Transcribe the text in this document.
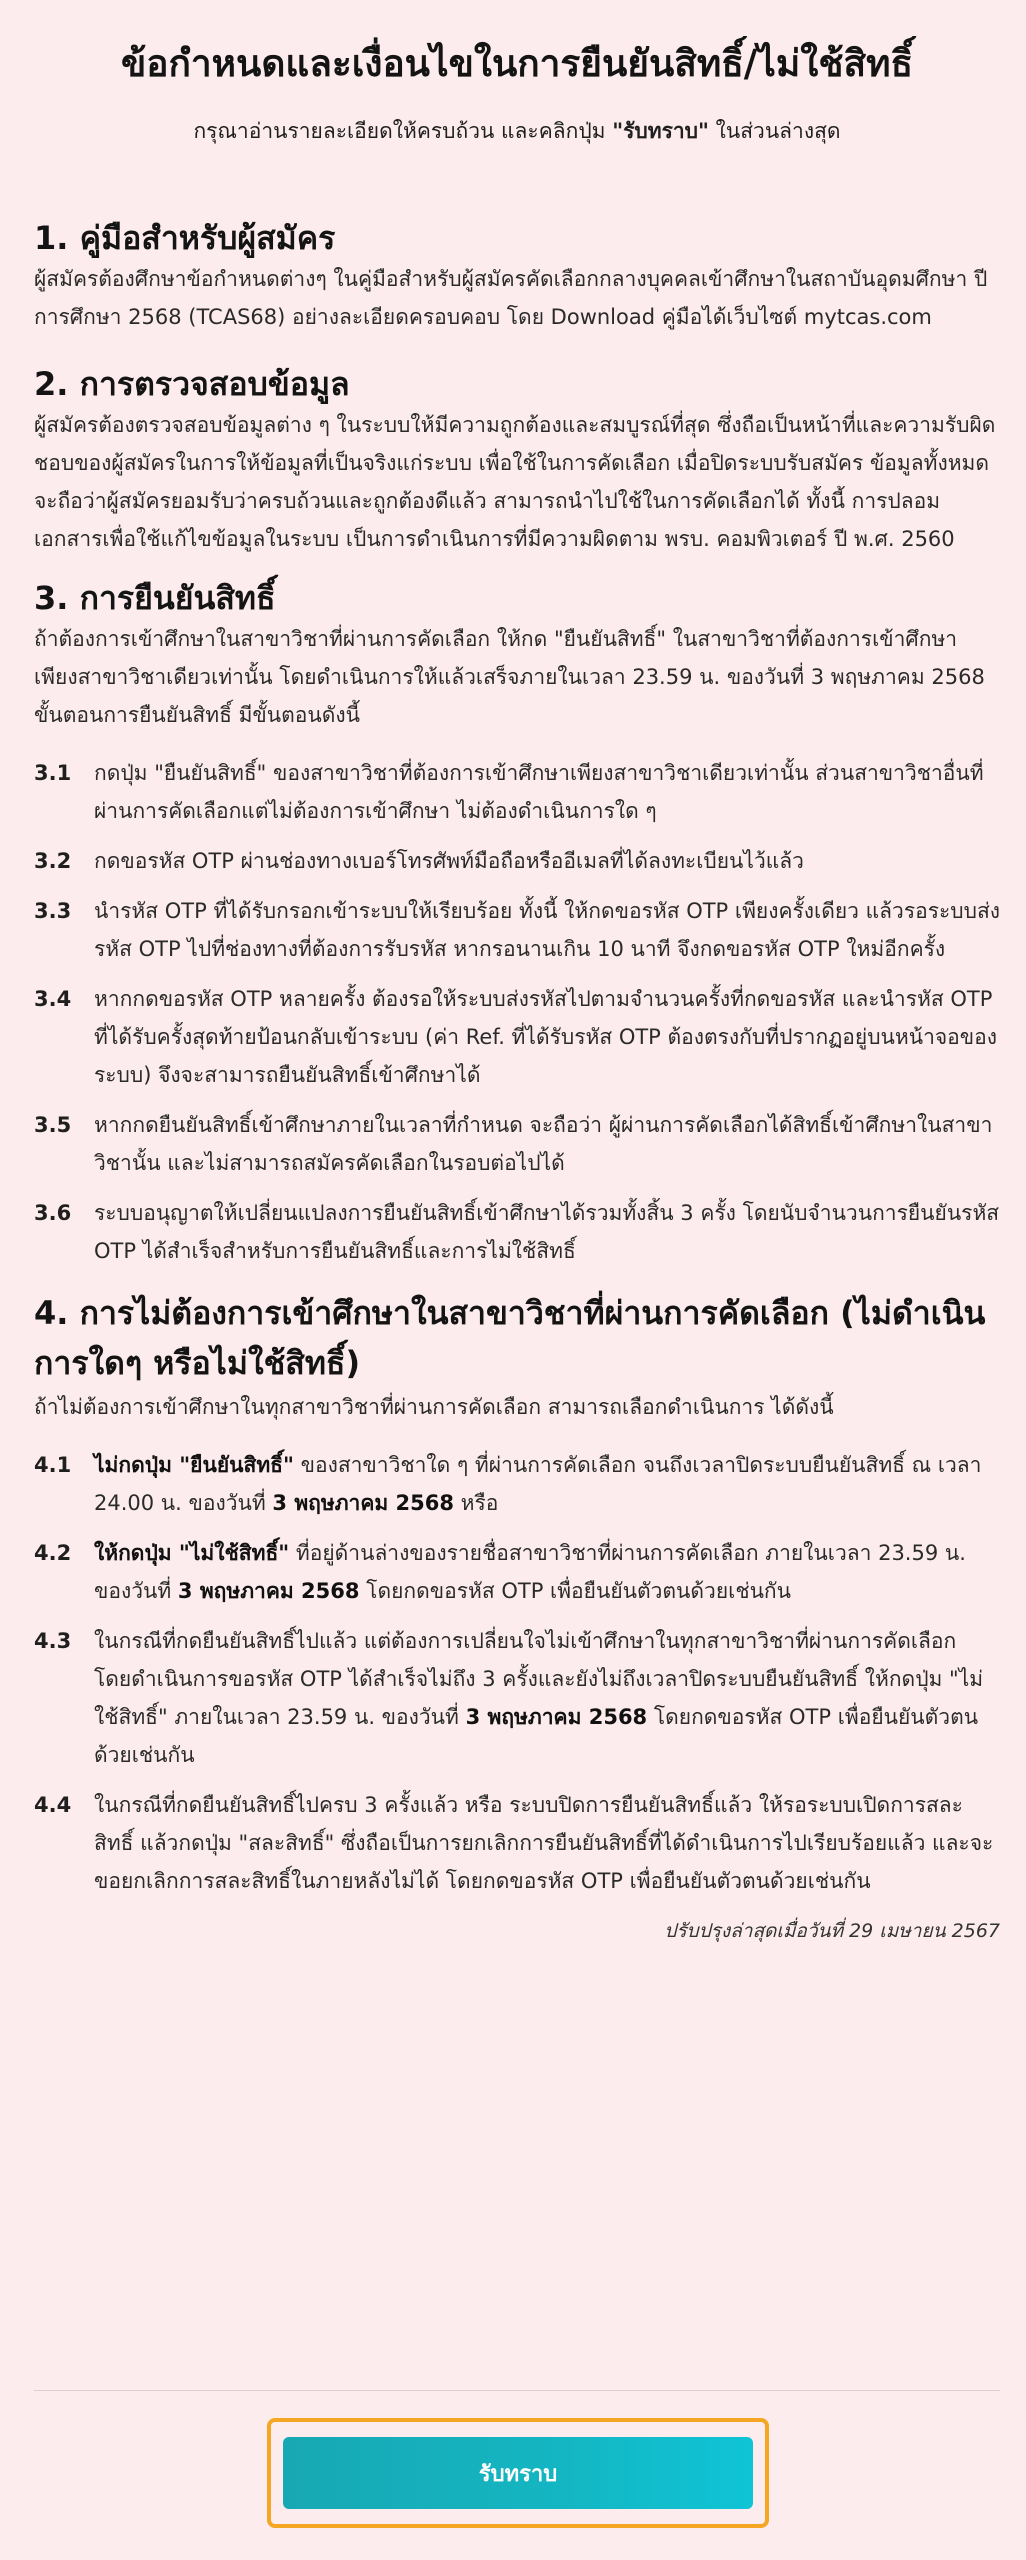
ข้อกำหนดและเงื่อนไขในการยืนยันสิทธิ์/ไม่ใช้สิทธิ์

กรุณาอ่านรายละเอียดให้ครบถ้วน และคลิกปุ่ม "รับทราบ" ในส่วนล่างสุด

1. คู่มือสำหรับผู้สมัคร

ผู้สมัครต้องศึกษาข้อกำหนดต่างๆ ในคู่มือสำหรับผู้สมัครคัดเลือกกลางบุคคลเข้าศึกษาในสถาบันอุดมศึกษา ปีการศึกษา 2568 (TCAS68) อย่างละเอียดครอบคอบ โดย Download คู่มือได้เว็บไซต์ mytcas.com

2. การตรวจสอบข้อมูล

ผู้สมัครต้องตรวจสอบข้อมูลต่าง ๆ ในระบบให้มีความถูกต้องและสมบูรณ์ที่สุด ซึ่งถือเป็นหน้าที่และความรับผิดชอบของผู้สมัครในการให้ข้อมูลที่เป็นจริงแก่ระบบ เพื่อใช้ในการคัดเลือก เมื่อปิดระบบรับสมัคร ข้อมูลทั้งหมดจะถือว่าผู้สมัครยอมรับว่าครบถ้วนและถูกต้องดีแล้ว สามารถนำไปใช้ในการคัดเลือกได้ ทั้งนี้ การปลอมเอกสารเพื่อใช้แก้ไขข้อมูลในระบบ เป็นการดำเนินการที่มีความผิดตาม พรบ. คอมพิวเตอร์ ปี พ.ศ. 2560

3. การยืนยันสิทธิ์

ถ้าต้องการเข้าศึกษาในสาขาวิชาที่ผ่านการคัดเลือก ให้กด "ยืนยันสิทธิ์" ในสาขาวิชาที่ต้องการเข้าศึกษาเพียงสาขาวิชาเดียวเท่านั้น โดยดำเนินการให้แล้วเสร็จภายในเวลา 23.59 น. ของวันที่ 3 พฤษภาคม 2568 ขั้นตอนการยืนยันสิทธิ์ มีขั้นตอนดังนี้

3.1	กดปุ่ม "ยืนยันสิทธิ์" ของสาขาวิชาที่ต้องการเข้าศึกษาเพียงสาขาวิชาเดียวเท่านั้น ส่วนสาขาวิชาอื่นที่ผ่านการคัดเลือกแต่ไม่ต้องการเข้าศึกษา ไม่ต้องดำเนินการใด ๆ
3.2	กดขอรหัส OTP ผ่านช่องทางเบอร์โทรศัพท์มือถือหรืออีเมลที่ได้ลงทะเบียนไว้แล้ว
3.3	นำรหัส OTP ที่ได้รับกรอกเข้าระบบให้เรียบร้อย ทั้งนี้ ให้กดขอรหัส OTP เพียงครั้งเดียว แล้วรอระบบส่งรหัส OTP ไปที่ช่องทางที่ต้องการรับรหัส หากรอนานเกิน 10 นาที จึงกดขอรหัส OTP ใหม่อีกครั้ง
3.4	หากกดขอรหัส OTP หลายครั้ง ต้องรอให้ระบบส่งรหัสไปตามจำนวนครั้งที่กดขอรหัส และนำรหัส OTP ที่ได้รับครั้งสุดท้ายป้อนกลับเข้าระบบ (ค่า Ref. ที่ได้รับรหัส OTP ต้องตรงกับที่ปรากฏอยู่บนหน้าจอของระบบ) จึงจะสามารถยืนยันสิทธิ์เข้าศึกษาได้
3.5	หากกดยืนยันสิทธิ์เข้าศึกษาภายในเวลาที่กำหนด จะถือว่า ผู้ผ่านการคัดเลือกได้สิทธิ์เข้าศึกษาในสาขาวิชานั้น และไม่สามารถสมัครคัดเลือกในรอบต่อไปได้
3.6	ระบบอนุญาตให้เปลี่ยนแปลงการยืนยันสิทธิ์เข้าศึกษาได้รวมทั้งสิ้น 3 ครั้ง โดยนับจำนวนการยืนยันรหัส OTP ได้สำเร็จสำหรับการยืนยันสิทธิ์และการไม่ใช้สิทธิ์
4. การไม่ต้องการเข้าศึกษาในสาขาวิชาที่ผ่านการคัดเลือก (ไม่ดำเนินการใดๆ หรือไม่ใช้สิทธิ์)

ถ้าไม่ต้องการเข้าศึกษาในทุกสาขาวิชาที่ผ่านการคัดเลือก สามารถเลือกดำเนินการ ได้ดังนี้

4.1	ไม่กดปุ่ม "ยืนยันสิทธิ์" ของสาขาวิชาใด ๆ ที่ผ่านการคัดเลือก จนถึงเวลาปิดระบบยืนยันสิทธิ์ ณ เวลา 24.00 น. ของวันที่ 3 พฤษภาคม 2568 หรือ
4.2	ให้กดปุ่ม "ไม่ใช้สิทธิ์" ที่อยู่ด้านล่างของรายชื่อสาขาวิชาที่ผ่านการคัดเลือก ภายในเวลา 23.59 น. ของวันที่ 3 พฤษภาคม 2568 โดยกดขอรหัส OTP เพื่อยืนยันตัวตนด้วยเช่นกัน
4.3	ในกรณีที่กดยืนยันสิทธิ์ไปแล้ว แต่ต้องการเปลี่ยนใจไม่เข้าศึกษาในทุกสาขาวิชาที่ผ่านการคัดเลือก โดยดำเนินการขอรหัส OTP ได้สำเร็จไม่ถึง 3 ครั้งและยังไม่ถึงเวลาปิดระบบยืนยันสิทธิ์ ให้กดปุ่ม "ไม่ใช้สิทธิ์" ภายในเวลา 23.59 น. ของวันที่ 3 พฤษภาคม 2568 โดยกดขอรหัส OTP เพื่อยืนยันตัวตนด้วยเช่นกัน
4.4	ในกรณีที่กดยืนยันสิทธิ์ไปครบ 3 ครั้งแล้ว หรือ ระบบปิดการยืนยันสิทธิ์แล้ว ให้รอระบบเปิดการสละสิทธิ์ แล้วกดปุ่ม "สละสิทธิ์" ซึ่งถือเป็นการยกเลิกการยืนยันสิทธิ์ที่ได้ดำเนินการไปเรียบร้อยแล้ว และจะขอยกเลิกการสละสิทธิ์ในภายหลังไม่ได้ โดยกดขอรหัส OTP เพื่อยืนยันตัวตนด้วยเช่นกัน

ปรับปรุงล่าสุดเมื่อวันที่ 29 เมษายน 2567

รับทราบ
